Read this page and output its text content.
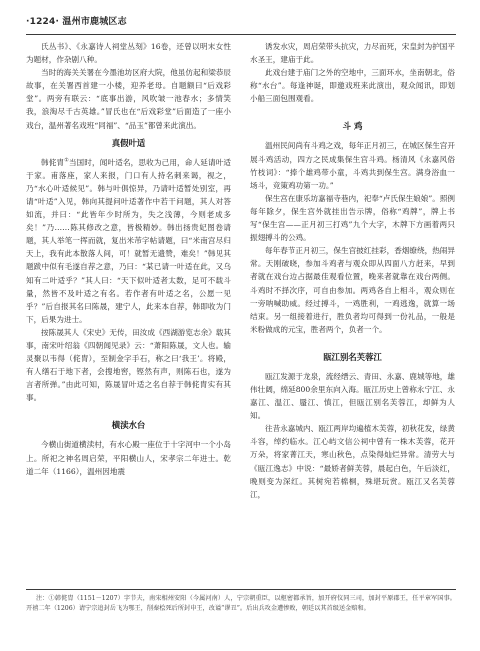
·1224· 温州市鹿城区志

氏丛书》、《永嘉诗人祠堂丛刻》16卷，还曾以明末女性为题材，作杂剧八种。

当时的海关关署在今墨池坊区府大院，他虽仿起和梁恭辰故事，在关署西首建一小楼，迎养老母。自题额曰“后戏彩堂”。两旁有联云：“底事出游，风吹皱一池春水；多情笑我，浪淘尽千古英雄。”冒氏也在“后戏彩堂”后面造了一座小戏台，温州著名戏班“同福”、“品玉”都曾来此演出。

真假叶适

韩侂胄①当国时，闻叶适名，思收为己用，命人延请叶适于家。甫落座，家人来报，门口有人持名刺来谒，视之，乃“水心叶适候见”。韩与叶俱惊异，乃请叶适暂处别室，再请“叶适”入见，韩向其提问叶适著作中若干问题，其人对答如流，并曰：“此皆年少时所为，失之浅薄，今则老成多矣！”乃……陈其修改之意，皆极精妙。韩出扬贵妃图卷请题，其人举笔一挥而就，复出米芾字帖请题，曰“米南宫尽归天上，我有此本散落人间，可！就暂无遗赞，难矣！”韩见其题跋中似有毛遂自荐之意，乃曰：“某已请一叶适在此，又乌知有二叶适乎？”其人曰：“天下似叶适者太数，足可不载斗量，然皆不及叶适之有名。若作者有叶适之名，公愿一见乎？”后自报其名曰陈晟，建宁人，此来本自荐，韩即收为门下，后果为进士。

按陈晟其人《宋史》无传，田汝成《西湖游览志余》载其事，南宋叶绍翁《四朝闻见录》云：“萧阳陈晟，文人也。输灵聚以韦得（侂胄），至制金字手石，称之曰‘我王’。将殿，有人缮石于地下者，会搜地窖，铿然有声，则陈石也，遂为言者所弹。”由此可知，陈晟冒叶适之名自荐于韩侂胄实有其事。

横渎水台

今横山街道横渎村，有水心殿一座位于十字河中一个小岛上。所祀之神名周启荣，平阳横山人，宋孝宗二年进士。乾道二年（1166），温州因地震

诱发水灾，周启荣带头抗灾，力尽而死，宋皇封为护国平水圣王，建庙于此。

此戏台建于庙门之外的空地中，三面环水，坐南朝北，俗称“水台”。每逢神诞，即邀戏班来此演出，观众闻讯，即划小船三面包围观看。

斗 鸡

温州民间尚有斗鸡之戏，每年正月初三，在城区保生宫开展斗鸡活动，四方之民成集保生宫斗鸡。杨清风《永嘉风俗竹枝词》：“捧个雄鸡带小童，斗鸡共到保生宫。满身浴血一场斗，竞策鸡功第一功。”

保生宫在康乐坊嘉福寺巷内，祀奉“卢氏保生娘娘”。照例每年除夕，保生宫外就挂出告示牌，俗称“鸡牌”，牌上书写“保生宫——正月初三打鸡”九个大字，木牌下方画着两只振翅搏斗的公鸡。

每年春节正月初三，保生宫披红挂彩，香烟缭绕，热闹异常。天刚破晓，参加斗鸡者与观众即从四面八方赶来，早到者就在戏台边占据最佳观看位置，晚来者就靠在戏台两侧。斗鸡时不择次序，可自由参加。两鸡各自上相斗，观众则在一旁呐喊助威。经过搏斗，一鸡胜利，一鸡逃逸，就算一场结束。另一组接着进行，胜负者均可得到一份礼品，一般是米粉做成的元宝，胜者两个，负者一个。

瓯江别名芙蓉江

瓯江发源于龙泉，流经缙云、青田、永嘉、鹿城等地，雄伟壮阔，绵延800余里东向入海。瓯江历史上曾称永宁江、永嘉江、温江、蜃江、慎江，但瓯江别名芙蓉江，却鲜为人知。

往昔永嘉城内、瓯江两岸均遍植木芙蓉，初秋花发，绿黄斗容，绰约临水。江心屿文信公祠中曾有一株木芙蓉，花开万朵，将家菁江天，寒山秋色，点染得灿烂异常。清劳大与《瓯江逸志》中说：“最娇者鲜芙蓉，晨起白色，午后淡红，晚则变为深红。其树宛若棉桐，殊堪玩赏。瓯江又名芙蓉江，

注：①韩侂胄（1151－1207）字节夫，南宋相州安阳（今属河南）人，宁宗朝重臣，以枢密都承旨，加开府仪同三司，加封平原郡王，任平章军国事。开禧二年（1206）请宁宗追封岳飞为鄂王，削秦桧死后所封申王，改谥“谬丑”。后出兵攻金遭惨败，朝廷以其首级送金赔和。
